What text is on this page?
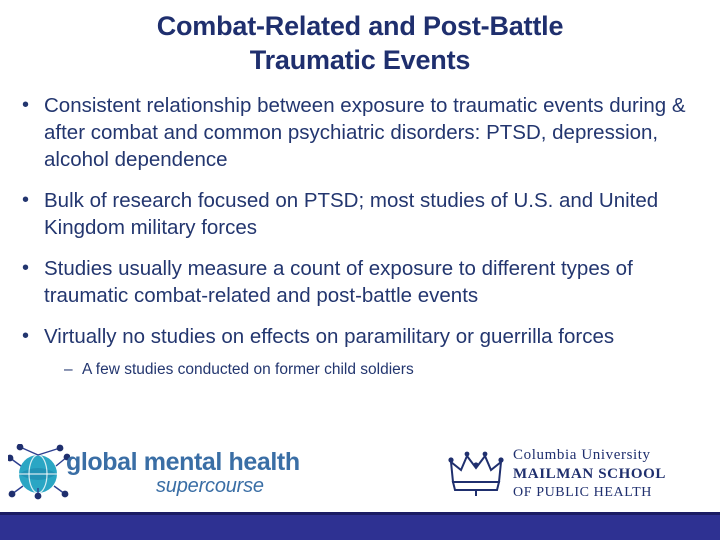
Combat-Related and Post-Battle
Traumatic Events
• Consistent relationship between exposure to traumatic events during & after combat and common psychiatric disorders: PTSD, depression, alcohol dependence
• Bulk of research focused on PTSD; most studies of U.S. and United Kingdom military forces
• Studies usually measure a count of exposure to different types of traumatic combat-related and post-battle events
• Virtually no studies on effects on paramilitary or guerrilla forces
– A few studies conducted on former child soldiers
global mental health
supercourse
Columbia University
MAILMAN SCHOOL
OF PUBLIC HEALTH
